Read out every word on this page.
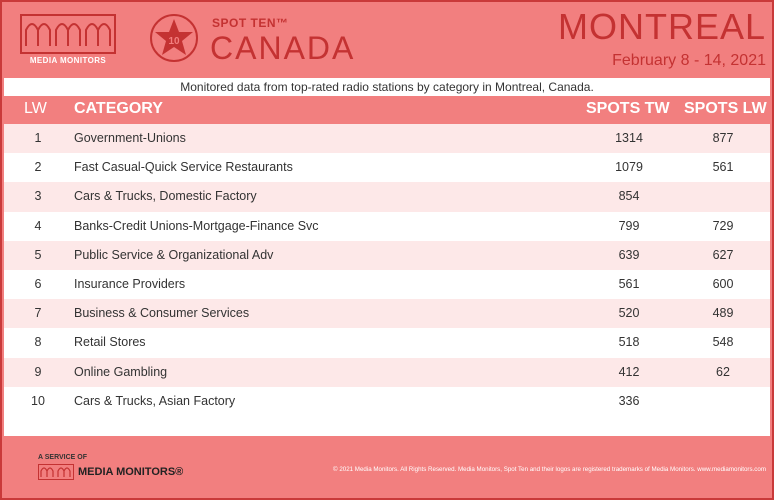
MEDIA MONITORS
10
SPOT TEN™
CANADA
MONTREAL
February 8 - 14, 2021
Monitored data from top-rated radio stations by category in Montreal, Canada.
LW CATEGORY	SPOTS TW SPOTS LW
1	Government-Unions	1314	877
2	Fast Casual-Quick Service Restaurants	1079	561
3	Cars & Trucks, Domestic Factory	854
4	Banks-Credit Unions-Mortgage-Finance Svc	799	729
5	Public Service & Organizational Adv	639	627
6	Insurance Providers	561	600
7	Business & Consumer Services	520	489
8	Retail Stores	518	548
9	Online Gambling	412	62
10	Cars & Trucks, Asian Factory	336
A SERVICE OF
MEDIA MONITORS®	© 2021 Media Monitors. All Rights Reserved. Media Monitors, Spot Ten and their logos are registered trademarks of Media Monitors. www.mediamonitors.com
